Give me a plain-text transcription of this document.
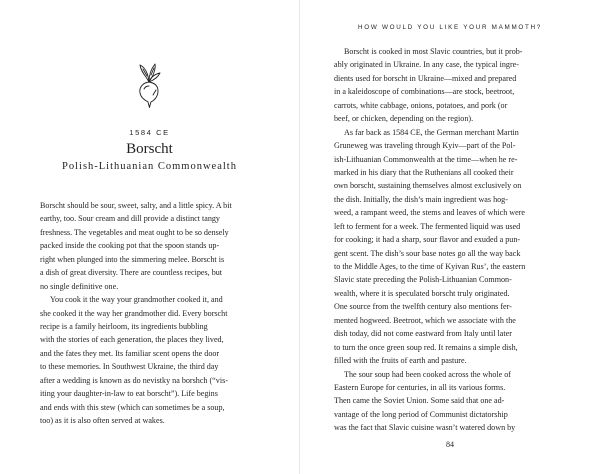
1584 CE
Borscht
Polish-Lithuanian Commonwealth
Borscht should be sour, sweet, salty, and a little spicy. A bit
earthy, too. Sour cream and dill provide a distinct tangy
freshness. The vegetables and meat ought to be so densely
packed inside the cooking pot that the spoon stands up-
right when plunged into the simmering melee. Borscht is
a dish of great diversity. There are countless recipes, but
no single definitive one.
You cook it the way your grandmother cooked it, and
she cooked it the way her grandmother did. Every borscht
recipe is a family heirloom, its ingredients bubbling
with the stories of each generation, the places they lived,
and the fates they met. Its familiar scent opens the door
to these memories. In Southwest Ukraine, the third day
after a wedding is known as do nevistky na borshch (“vis-
iting your daughter-in-law to eat borscht”). Life begins
and ends with this stew (which can sometimes be a soup,
too) as it is also often served at wakes.
HOW WOULD YOU LIKE YOUR MAMMOTH?
Borscht is cooked in most Slavic countries, but it prob-
ably originated in Ukraine. In any case, the typical ingre-
dients used for borscht in Ukraine—mixed and prepared
in a kaleidoscope of combinations—are stock, beetroot,
carrots, white cabbage, onions, potatoes, and pork (or
beef, or chicken, depending on the region).
As far back as 1584 CE, the German merchant Martin
Gruneweg was traveling through Kyiv—part of the Pol-
ish-Lithuanian Commonwealth at the time—when he re-
marked in his diary that the Ruthenians all cooked their
own borscht, sustaining themselves almost exclusively on
the dish. Initially, the dish’s main ingredient was hog-
weed, a rampant weed, the stems and leaves of which were
left to ferment for a week. The fermented liquid was used
for cooking; it had a sharp, sour flavor and exuded a pun-
gent scent. The dish’s sour base notes go all the way back
to the Middle Ages, to the time of Kyivan Rus’, the eastern
Slavic state preceding the Polish-Lithuanian Common-
wealth, where it is speculated borscht truly originated.
One source from the twelfth century also mentions fer-
mented hogweed. Beetroot, which we associate with the
dish today, did not come eastward from Italy until later
to turn the once green soup red. It remains a simple dish,
filled with the fruits of earth and pasture.
The sour soup had been cooked across the whole of
Eastern Europe for centuries, in all its various forms.
Then came the Soviet Union. Some said that one ad-
vantage of the long period of Communist dictatorship
was the fact that Slavic cuisine wasn’t watered down by
84
